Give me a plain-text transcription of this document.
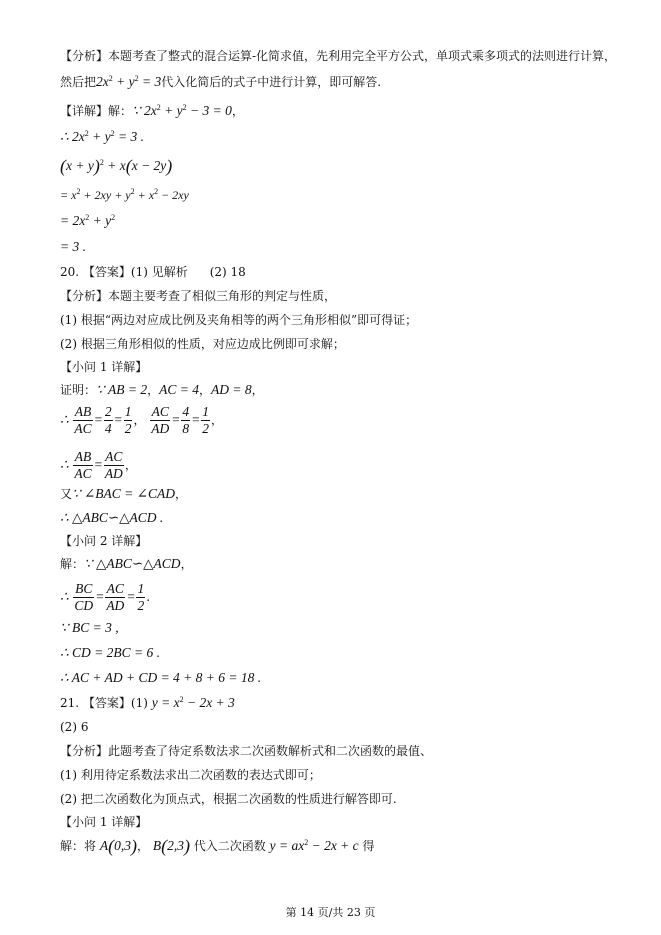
【分析】本题考查了整式的混合运算-化简求值，先利用完全平方公式，单项式乘多项式的法则进行计算，
然后把$2x^2 + y^2 = 3$代入化简后的式子中进行计算，即可解答.
【详解】解：∵ $2x^2 + y^2 - 3 = 0$，
∴ $2x^2 + y^2 = 3$ .
$(x + y)^2 + x(x - 2y)$
= $x^2 + 2xy + y^2 + x^2 - 2xy$
= $2x^2 + y^2$
= 3 .
20. 【答案】(1) 见解析 (2) 18
【分析】本题主要考查了相似三角形的判定与性质，
(1) 根据“两边对应成比例及夹角相等的两个三角形相似”即可得证；
(2) 根据三角形相似的性质，对应边成比例即可求解；
【小问 1 详解】
证明：∵ AB = 2，AC = 4，AD = 8，
∴ $\frac{AB}{AC} = \frac{2}{4} = \frac{1}{2}$ ， $\frac{AC}{AD} = \frac{4}{8} = \frac{1}{2}$ ，
∴ $\frac{AB}{AC} = \frac{AC}{AD}$ ，
又∵ ∠BAC = ∠CAD，
∴ △ABC∽△ACD .
【小问 2 详解】
解：∵ △ABC∽△ACD，
∴ $\frac{BC}{CD} = \frac{AC}{AD} = \frac{1}{2}$ .
∵ BC = 3 ,
∴ CD = 2BC = 6 .
∴ AC + AD + CD = 4 + 8 + 6 = 18 .
21. 【答案】(1) $y = x^2 - 2x + 3$
(2) 6
【分析】此题考查了待定系数法求二次函数解析式和二次函数的最值、
(1) 利用待定系数法求出二次函数的表达式即可；
(2) 把二次函数化为顶点式，根据二次函数的性质进行解答即可.
【小问 1 详解】
解：将 A(0,3)， B(2,3) 代入二次函数 $y = ax^2 - 2x + c$ 得
第 14 页/共 23 页
